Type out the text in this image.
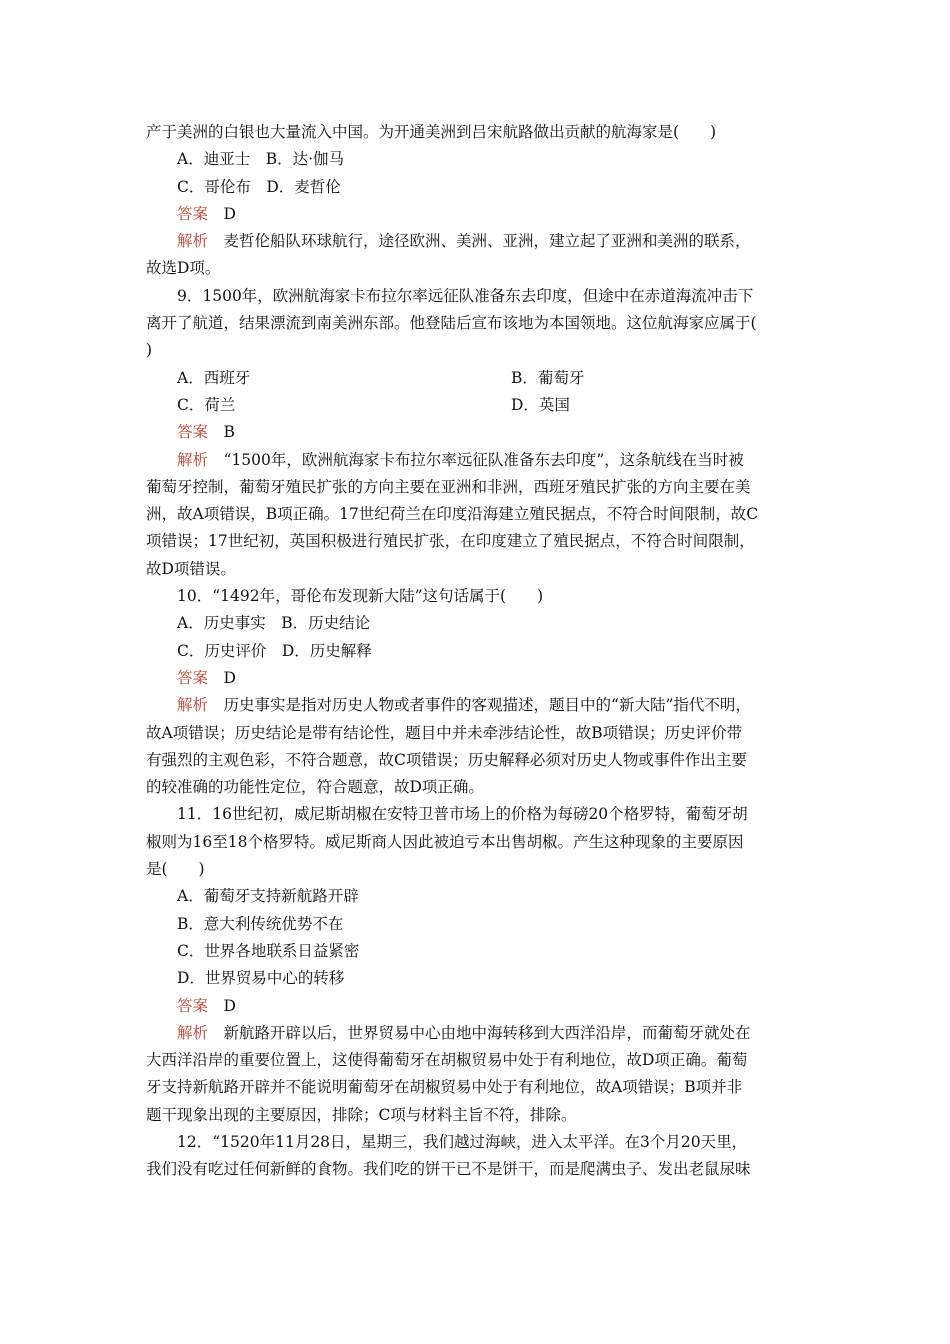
产于美洲的白银也大量流入中国。为开通美洲到吕宋航路做出贡献的航海家是(　　)
A．迪亚士　B．达·伽马
C．哥伦布　D．麦哲伦
答案　D
解析　麦哲伦船队环球航行，途径欧洲、美洲、亚洲，建立起了亚洲和美洲的联系，
故选D项。
9．1500年，欧洲航海家卡布拉尔率远征队准备东去印度，但途中在赤道海流冲击下
离开了航道，结果漂流到南美洲东部。他登陆后宣布该地为本国领地。这位航海家应属于(
)
A．西班牙	B．葡萄牙
C．荷兰	D．英国
答案　B
解析　“1500年，欧洲航海家卡布拉尔率远征队准备东去印度”，这条航线在当时被
葡萄牙控制，葡萄牙殖民扩张的方向主要在亚洲和非洲，西班牙殖民扩张的方向主要在美
洲，故A项错误，B项正确。17世纪荷兰在印度沿海建立殖民据点，不符合时间限制，故C
项错误；17世纪初，英国积极进行殖民扩张，在印度建立了殖民据点，不符合时间限制，
故D项错误。
10．“1492年，哥伦布发现新大陆”这句话属于(　　)
A．历史事实　B．历史结论
C．历史评价　D．历史解释
答案　D
解析　历史事实是指对历史人物或者事件的客观描述，题目中的“新大陆”指代不明，
故A项错误；历史结论是带有结论性，题目中并未牵涉结论性，故B项错误；历史评价带
有强烈的主观色彩，不符合题意，故C项错误；历史解释必须对历史人物或事件作出主要
的较准确的功能性定位，符合题意，故D项正确。
11．16世纪初，威尼斯胡椒在安特卫普市场上的价格为每磅20个格罗特，葡萄牙胡
椒则为16至18个格罗特。威尼斯商人因此被迫亏本出售胡椒。产生这种现象的主要原因
是(　　)
A．葡萄牙支持新航路开辟
B．意大利传统优势不在
C．世界各地联系日益紧密
D．世界贸易中心的转移
答案　D
解析　新航路开辟以后，世界贸易中心由地中海转移到大西洋沿岸，而葡萄牙就处在
大西洋沿岸的重要位置上，这使得葡萄牙在胡椒贸易中处于有利地位，故D项正确。葡萄
牙支持新航路开辟并不能说明葡萄牙在胡椒贸易中处于有利地位，故A项错误；B项并非
题干现象出现的主要原因，排除；C项与材料主旨不符，排除。
12．“1520年11月28日，星期三，我们越过海峡，进入太平洋。在3个月20天里，
我们没有吃过任何新鲜的食物。我们吃的饼干已不是饼干，而是爬满虫子、发出老鼠尿味
